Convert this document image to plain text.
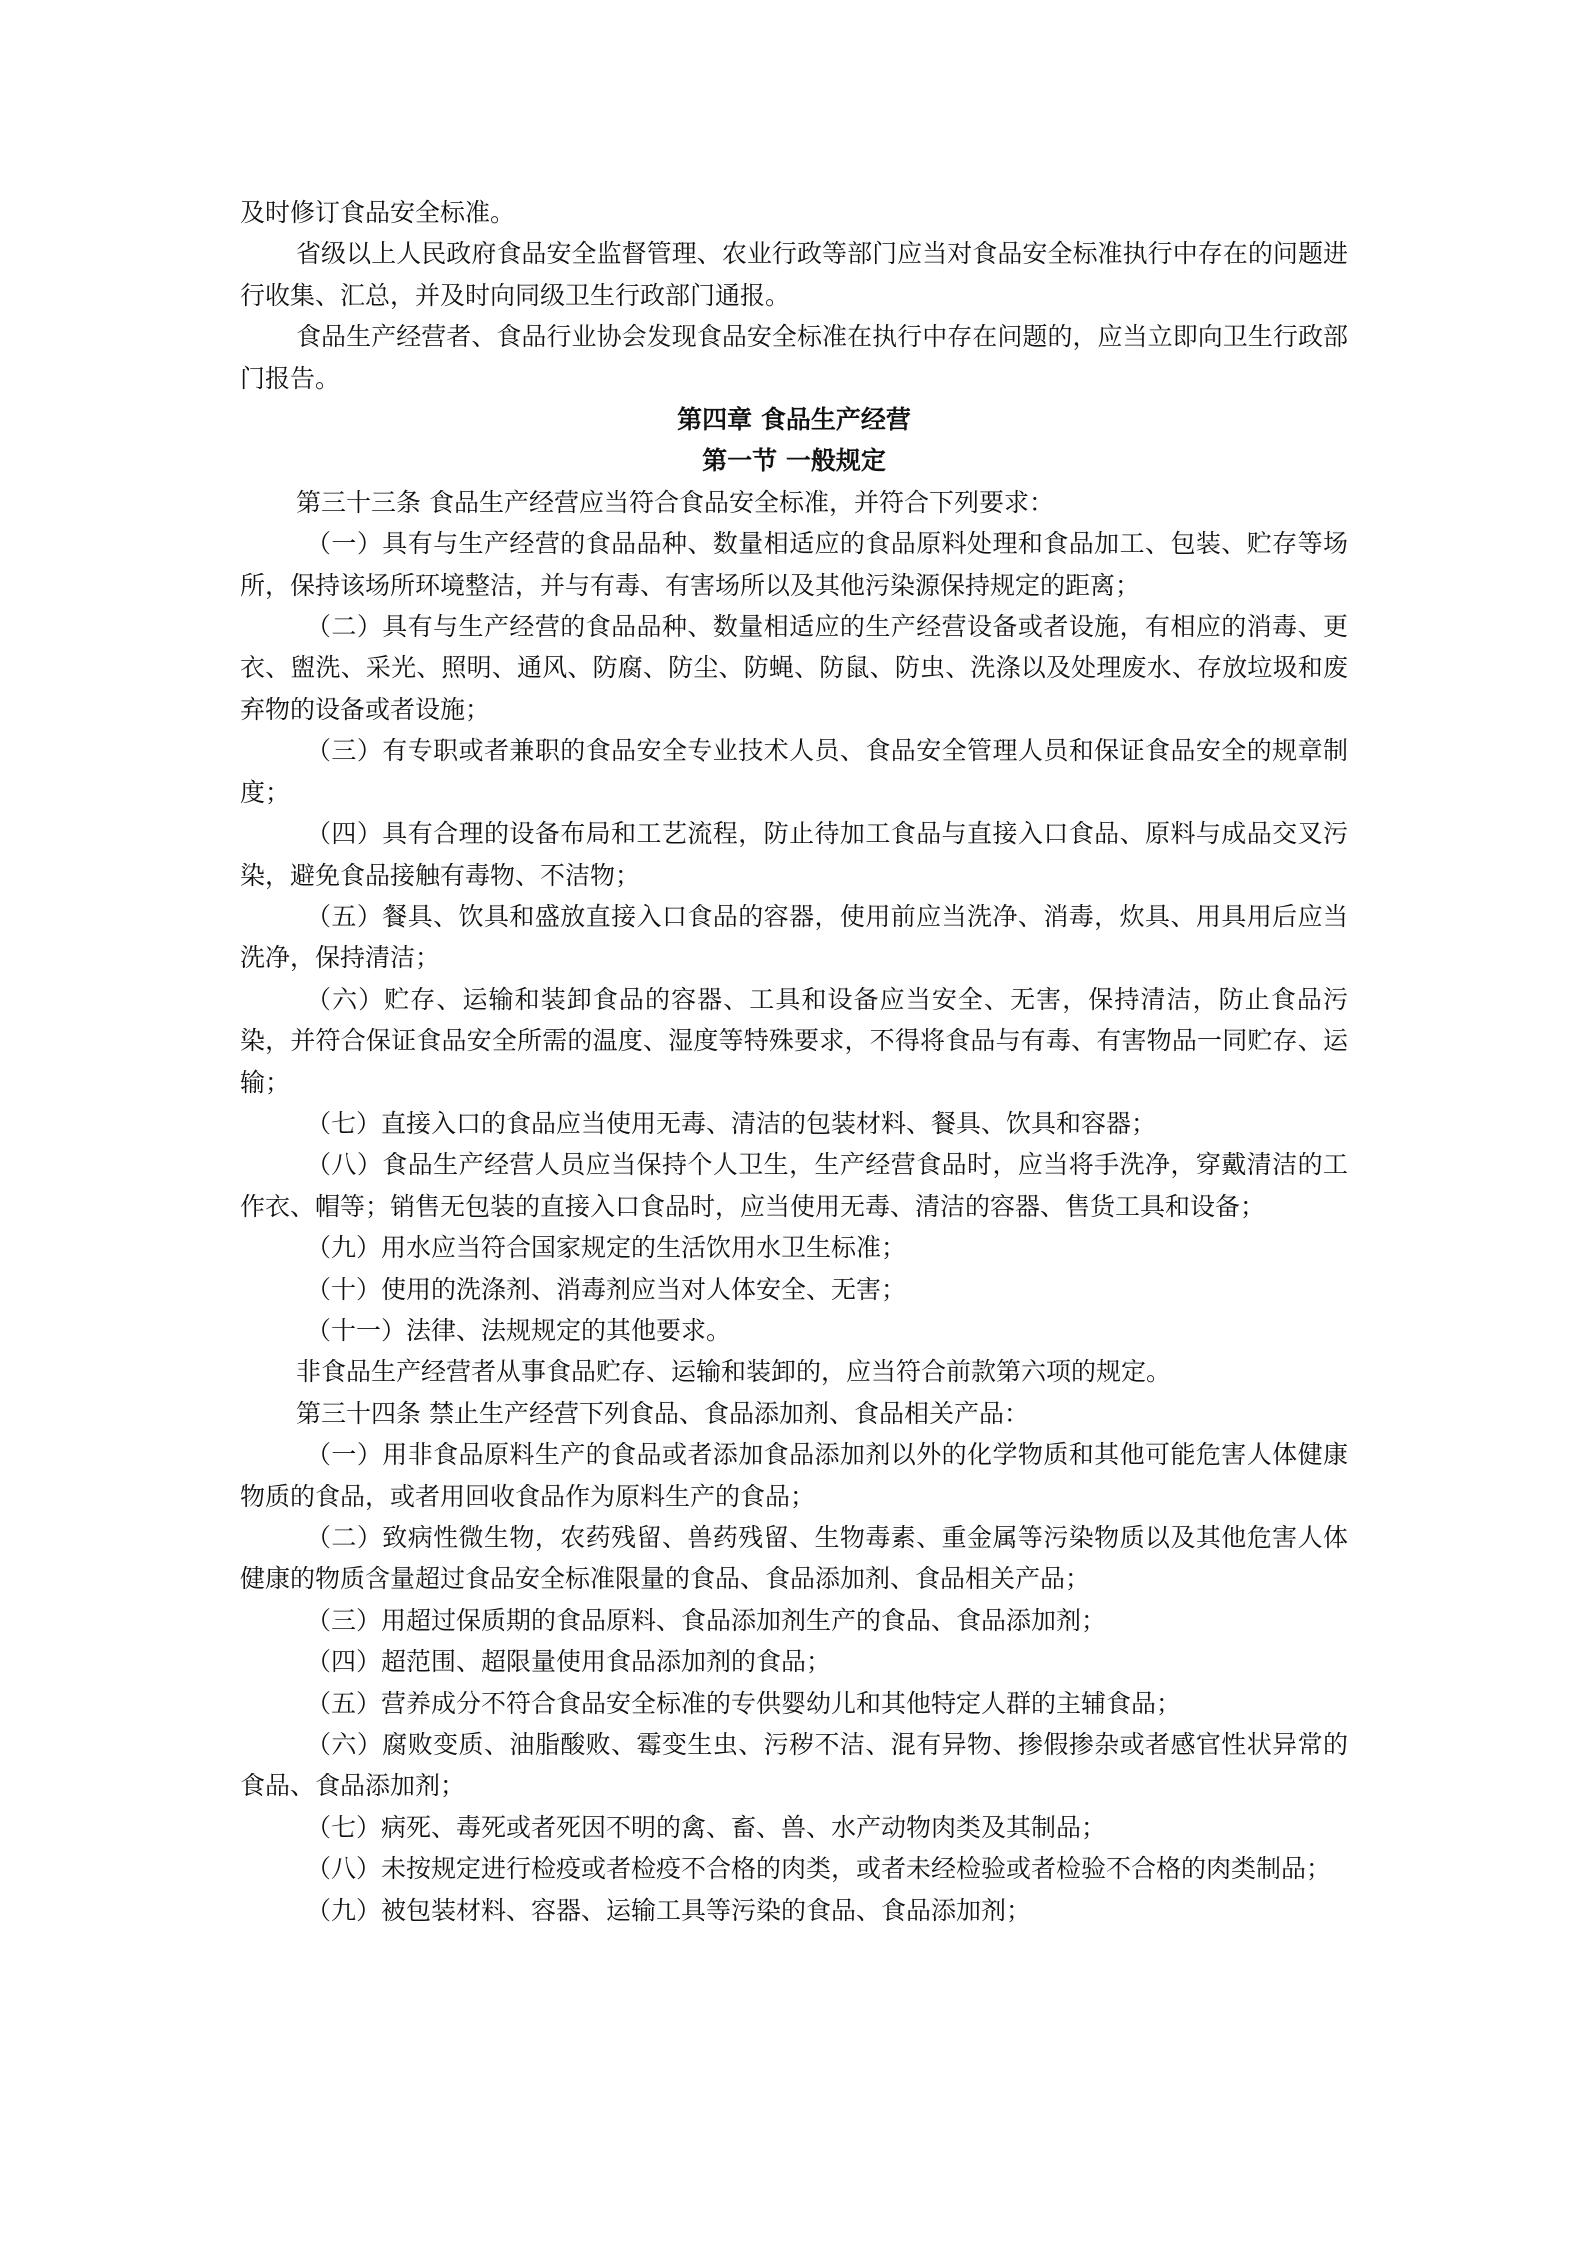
及时修订食品安全标准。

省级以上人民政府食品安全监督管理、农业行政等部门应当对食品安全标准执行中存在的问题进行收集、汇总，并及时向同级卫生行政部门通报。

食品生产经营者、食品行业协会发现食品安全标准在执行中存在问题的，应当立即向卫生行政部门报告。

第四章 食品生产经营

第一节 一般规定

第三十三条 食品生产经营应当符合食品安全标准，并符合下列要求：

（一）具有与生产经营的食品品种、数量相适应的食品原料处理和食品加工、包装、贮存等场所，保持该场所环境整洁，并与有毒、有害场所以及其他污染源保持规定的距离；

（二）具有与生产经营的食品品种、数量相适应的生产经营设备或者设施，有相应的消毒、更衣、盥洗、采光、照明、通风、防腐、防尘、防蝇、防鼠、防虫、洗涤以及处理废水、存放垃圾和废弃物的设备或者设施；

（三）有专职或者兼职的食品安全专业技术人员、食品安全管理人员和保证食品安全的规章制度；

（四）具有合理的设备布局和工艺流程，防止待加工食品与直接入口食品、原料与成品交叉污染，避免食品接触有毒物、不洁物；

（五）餐具、饮具和盛放直接入口食品的容器，使用前应当洗净、消毒，炊具、用具用后应当洗净，保持清洁；

（六）贮存、运输和装卸食品的容器、工具和设备应当安全、无害，保持清洁，防止食品污染，并符合保证食品安全所需的温度、湿度等特殊要求，不得将食品与有毒、有害物品一同贮存、运输；

（七）直接入口的食品应当使用无毒、清洁的包装材料、餐具、饮具和容器；

（八）食品生产经营人员应当保持个人卫生，生产经营食品时，应当将手洗净，穿戴清洁的工作衣、帽等；销售无包装的直接入口食品时，应当使用无毒、清洁的容器、售货工具和设备；

（九）用水应当符合国家规定的生活饮用水卫生标准；

（十）使用的洗涤剂、消毒剂应当对人体安全、无害；

（十一）法律、法规规定的其他要求。

非食品生产经营者从事食品贮存、运输和装卸的，应当符合前款第六项的规定。

第三十四条 禁止生产经营下列食品、食品添加剂、食品相关产品：

（一）用非食品原料生产的食品或者添加食品添加剂以外的化学物质和其他可能危害人体健康物质的食品，或者用回收食品作为原料生产的食品；

（二）致病性微生物，农药残留、兽药残留、生物毒素、重金属等污染物质以及其他危害人体健康的物质含量超过食品安全标准限量的食品、食品添加剂、食品相关产品；

（三）用超过保质期的食品原料、食品添加剂生产的食品、食品添加剂；

（四）超范围、超限量使用食品添加剂的食品；

（五）营养成分不符合食品安全标准的专供婴幼儿和其他特定人群的主辅食品；

（六）腐败变质、油脂酸败、霉变生虫、污秽不洁、混有异物、掺假掺杂或者感官性状异常的食品、食品添加剂；

（七）病死、毒死或者死因不明的禽、畜、兽、水产动物肉类及其制品；

（八）未按规定进行检疫或者检疫不合格的肉类，或者未经检验或者检验不合格的肉类制品；

（九）被包装材料、容器、运输工具等污染的食品、食品添加剂；
